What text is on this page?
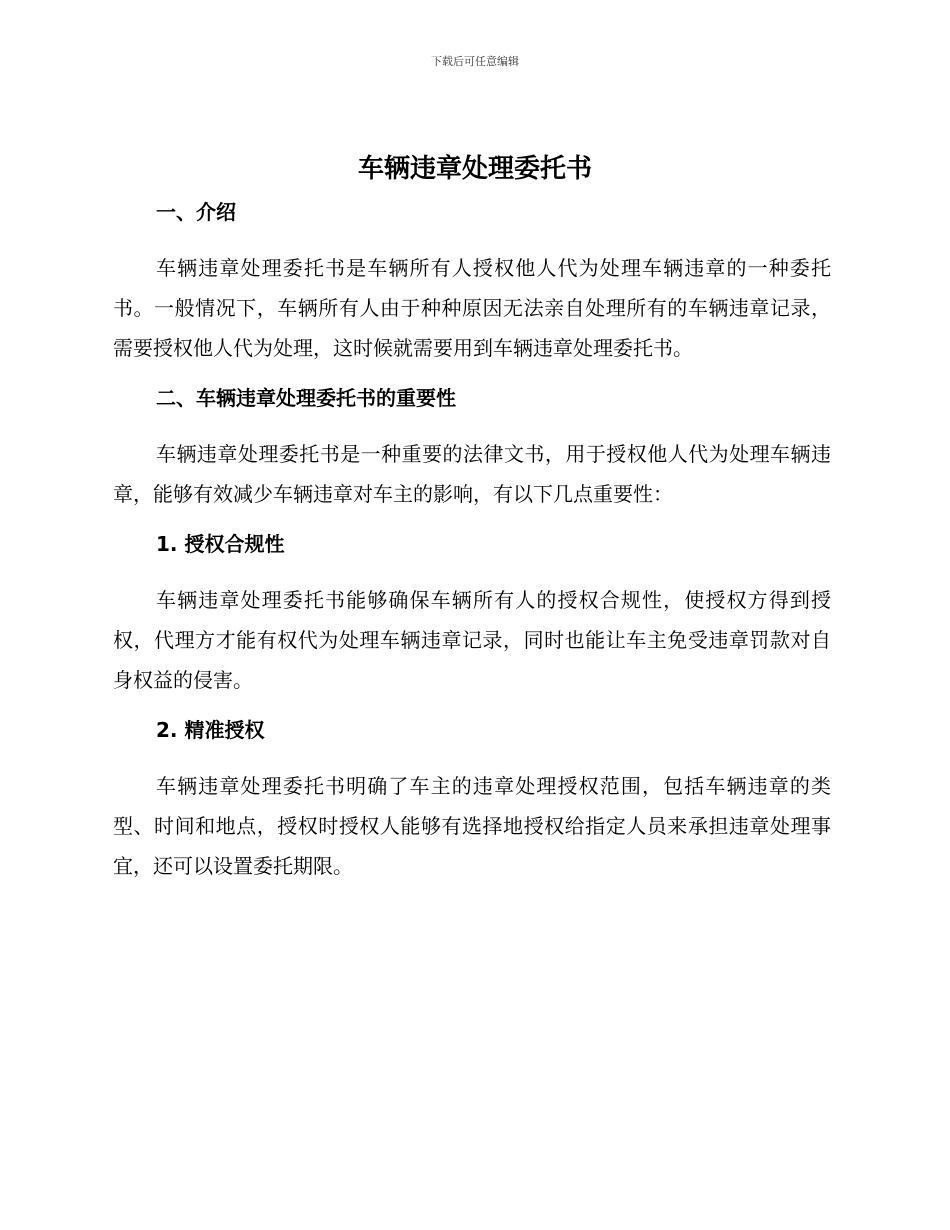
下载后可任意编辑
车辆违章处理委托书
一、介绍

车辆违章处理委托书是车辆所有人授权他人代为处理车辆违章的一种委托书。一般情况下，车辆所有人由于种种原因无法亲自处理所有的车辆违章记录，需要授权他人代为处理，这时候就需要用到车辆违章处理委托书。

二、车辆违章处理委托书的重要性

车辆违章处理委托书是一种重要的法律文书，用于授权他人代为处理车辆违章，能够有效减少车辆违章对车主的影响，有以下几点重要性：

1. 授权合规性

车辆违章处理委托书能够确保车辆所有人的授权合规性，使授权方得到授权，代理方才能有权代为处理车辆违章记录，同时也能让车主免受违章罚款对自身权益的侵害。

2. 精准授权

车辆违章处理委托书明确了车主的违章处理授权范围，包括车辆违章的类型、时间和地点，授权时授权人能够有选择地授权给指定人员来承担违章处理事宜，还可以设置委托期限。
